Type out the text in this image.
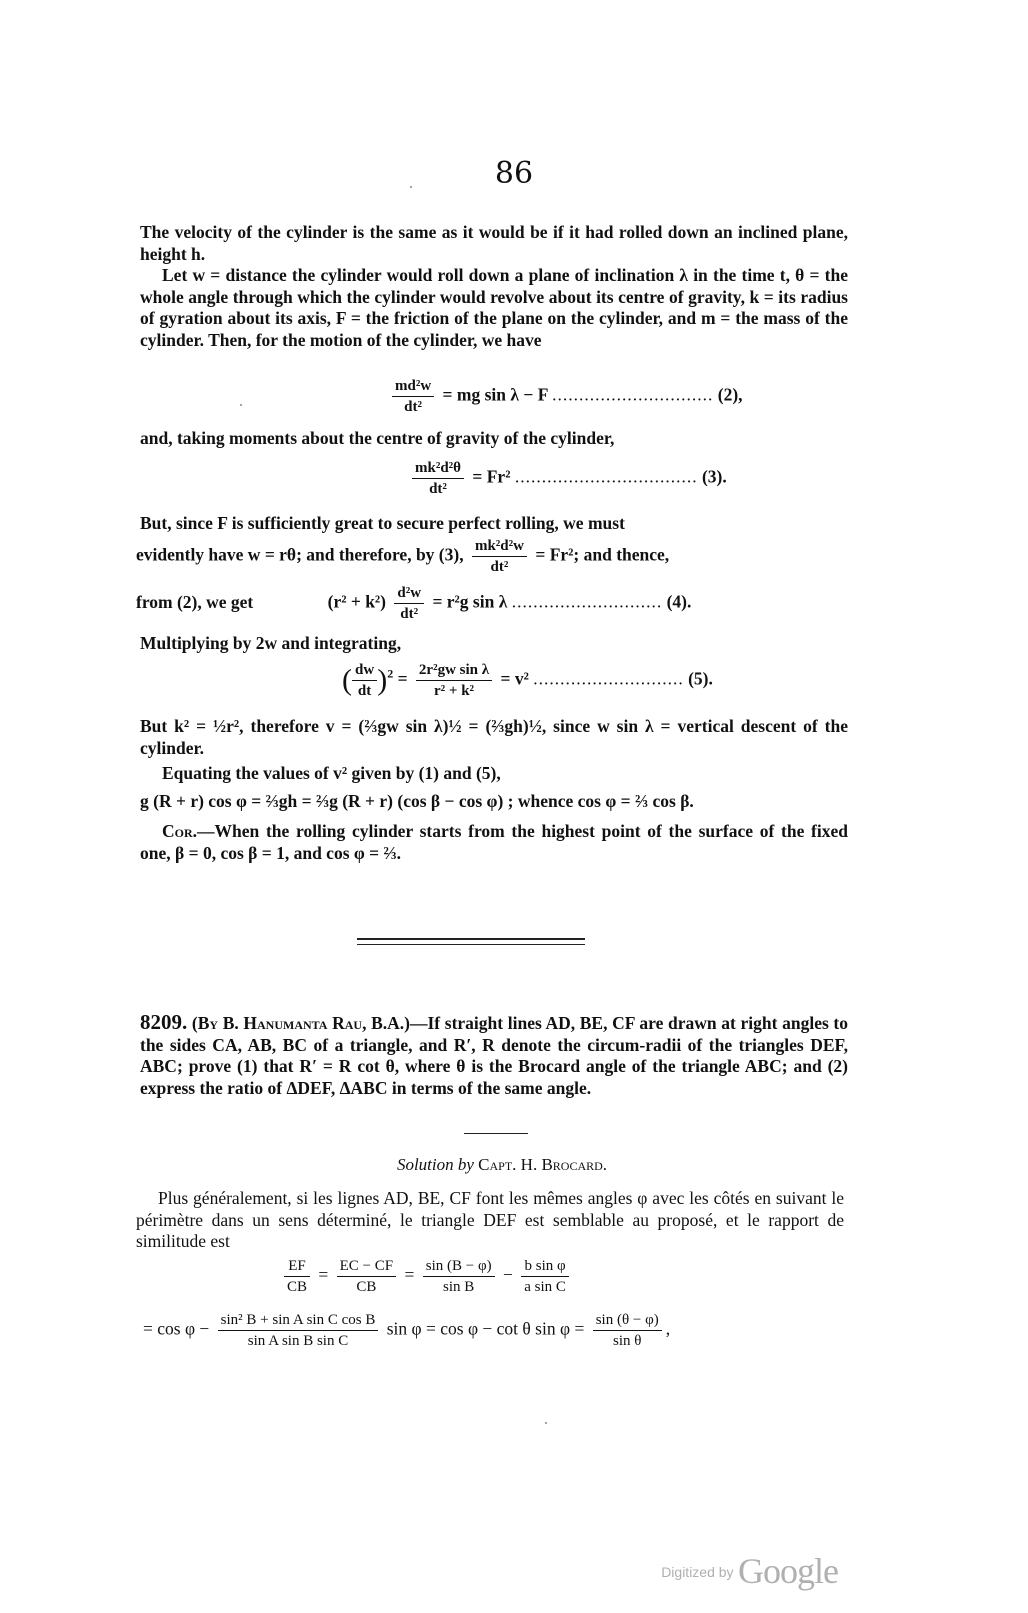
86
The velocity of the cylinder is the same as it would be if it had rolled down an inclined plane, height h.
Let w = distance the cylinder would roll down a plane of inclination λ in the time t, θ = the whole angle through which the cylinder would revolve about its centre of gravity, k = its radius of gyration about its axis, F = the friction of the plane on the cylinder, and m = the mass of the cylinder. Then, for the motion of the cylinder, we have
$\frac{\text{md²w}}{\text{dt²}}$ = mg sin λ − F .............................. (2),
and, taking moments about the centre of gravity of the cylinder,
$\frac{\text{mk²d²θ}}{\text{dt²}} = Fr^2$ .................................. (3).
But, since F is sufficiently great to secure perfect rolling, we must
evidently have w = rθ; and therefore, by (3), $\frac{\text{mk²d²w}}{\text{dt²}} = Fr^2$; and thence,
from (2), we get	$(r^2 + k^2) \frac{\text{d²w}}{\text{dt²}} = r^2g$ sin λ ............................ (4).
Multiplying by 2w and integrating,
( $\frac{dw}{dt} )^2 = \frac{\text{2r²gw sin λ}}{\text{r² + k²}} = v^2$ ............................ (5).
But k² = ½r², therefore v = (⅔gw sin λ)½ = (⅔gh)½, since w sin λ = vertical descent of the cylinder.
Equating the values of v² given by (1) and (5),
g (R + r) cos φ = ⅔gh = ⅔g (R + r) (cos β − cos φ) ; whence cos φ = ⅔ cos β.
Cor.—When the rolling cylinder starts from the highest point of the surface of the fixed one, β = 0, cos β = 1, and cos φ = ⅔.
8209. (By B. Hanumanta Rau, B.A.)—If straight lines AD, BE, CF are drawn at right angles to the sides CA, AB, BC of a triangle, and R′, R denote the circum-radii of the triangles DEF, ABC; prove (1) that R′ = R cot θ, where θ is the Brocard angle of the triangle ABC; and (2) express the ratio of ΔDEF, ΔABC in terms of the same angle.
Solution by Capt. H. Brocard.
Plus généralement, si les lignes AD, BE, CF font les mêmes angles φ avec les côtés en suivant le périmètre dans un sens déterminé, le triangle DEF est semblable au proposé, et le rapport de similitude est
$\frac{EF}{CB} = \frac{EC - CF}{CB} = \frac{\sin (B - \varphi)}{\text{sin B}} - \frac{\text{b sin φ}}{\text{a sin C}}$
= $\cos \varphi - \frac{\text{sin² B + sin A sin C cos B}}{\text{sin A sin B sin C}}$ sin φ = cos φ − cot θ $\sin \varphi = \frac{\sin (\theta - \varphi)}{\text{sin θ}}$ ,
Digitized by Google
